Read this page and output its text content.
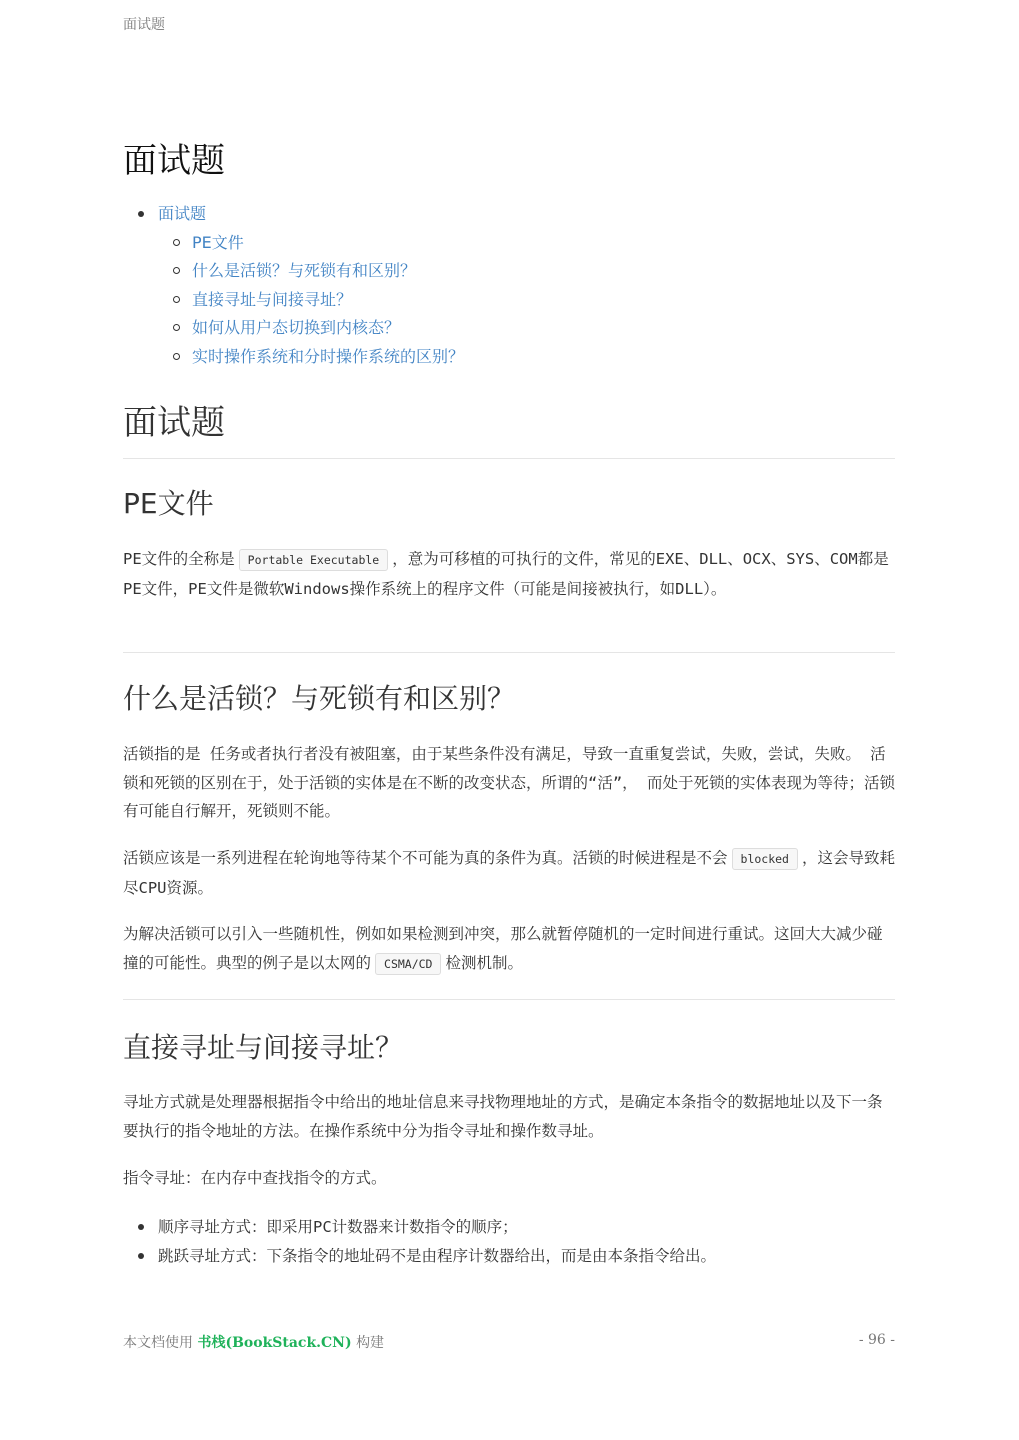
面试题
面试题
面试题
PE文件
什么是活锁？与死锁有和区别？
直接寻址与间接寻址？
如何从用户态切换到内核态？
实时操作系统和分时操作系统的区别？
面试题
PE文件

PE文件的全称是 Portable Executable ，意为可移植的可执行的文件，常见的EXE、DLL、OCX、SYS、COM都是PE文件，PE文件是微软Windows操作系统上的程序文件（可能是间接被执行，如DLL）。

什么是活锁？与死锁有和区别？

活锁指的是 任务或者执行者没有被阻塞，由于某些条件没有满足，导致一直重复尝试，失败，尝试，失败。 活锁和死锁的区别在于，处于活锁的实体是在不断的改变状态，所谓的“活”， 而处于死锁的实体表现为等待；活锁有可能自行解开，死锁则不能。

活锁应该是一系列进程在轮询地等待某个不可能为真的条件为真。活锁的时候进程是不会 blocked ，这会导致耗尽CPU资源。

为解决活锁可以引入一些随机性，例如如果检测到冲突，那么就暂停随机的一定时间进行重试。这回大大减少碰撞的可能性。典型的例子是以太网的 CSMA/CD 检测机制。

直接寻址与间接寻址？

寻址方式就是处理器根据指令中给出的地址信息来寻找物理地址的方式，是确定本条指令的数据地址以及下一条要执行的指令地址的方法。在操作系统中分为指令寻址和操作数寻址。

指令寻址：在内存中查找指令的方式。

顺序寻址方式：即采用PC计数器来计数指令的顺序；
跳跃寻址方式：下条指令的地址码不是由程序计数器给出，而是由本条指令给出。
本文档使用 书栈(BookStack.CN) 构建	- 96 -
